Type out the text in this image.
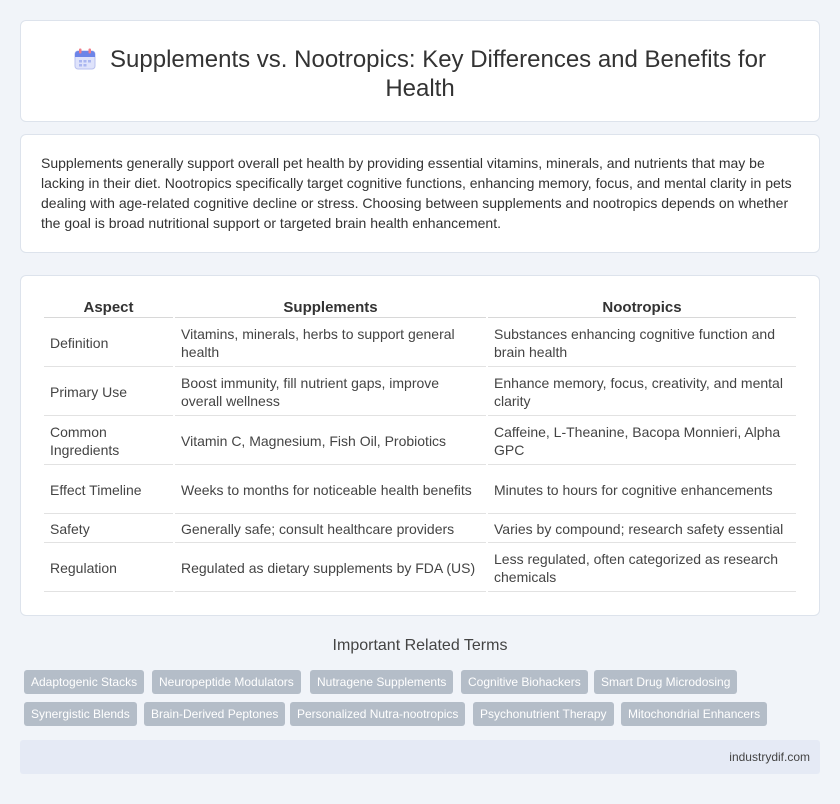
Supplements vs. Nootropics: Key Differences and Benefits for Health

Supplements generally support overall pet health by providing essential vitamins, minerals, and nutrients that may be lacking in their diet. Nootropics specifically target cognitive functions, enhancing memory, focus, and mental clarity in pets dealing with age-related cognitive decline or stress. Choosing between supplements and nootropics depends on whether the goal is broad nutritional support or targeted brain health enhancement.

Aspect	Supplements	Nootropics
Definition	Vitamins, minerals, herbs to support general health	Substances enhancing cognitive function and brain health
Primary Use	Boost immunity, fill nutrient gaps, improve overall wellness	Enhance memory, focus, creativity, and mental clarity
Common Ingredients	Vitamin C, Magnesium, Fish Oil, Probiotics	Caffeine, L-Theanine, Bacopa Monnieri, Alpha GPC
Effect Timeline	Weeks to months for noticeable health benefits	Minutes to hours for cognitive enhancements
Safety	Generally safe; consult healthcare providers	Varies by compound; research safety essential
Regulation	Regulated as dietary supplements by FDA (US)	Less regulated, often categorized as research chemicals
Important Related Terms
Adaptogenic Stacks	Neuropeptide Modulators	Nutragene Supplements	Cognitive Biohackers	Smart Drug Microdosing
Synergistic Blends	Brain-Derived Peptones	Personalized Nutra-nootropics	Psychonutrient Therapy	Mitochondrial Enhancers
industrydif.com
